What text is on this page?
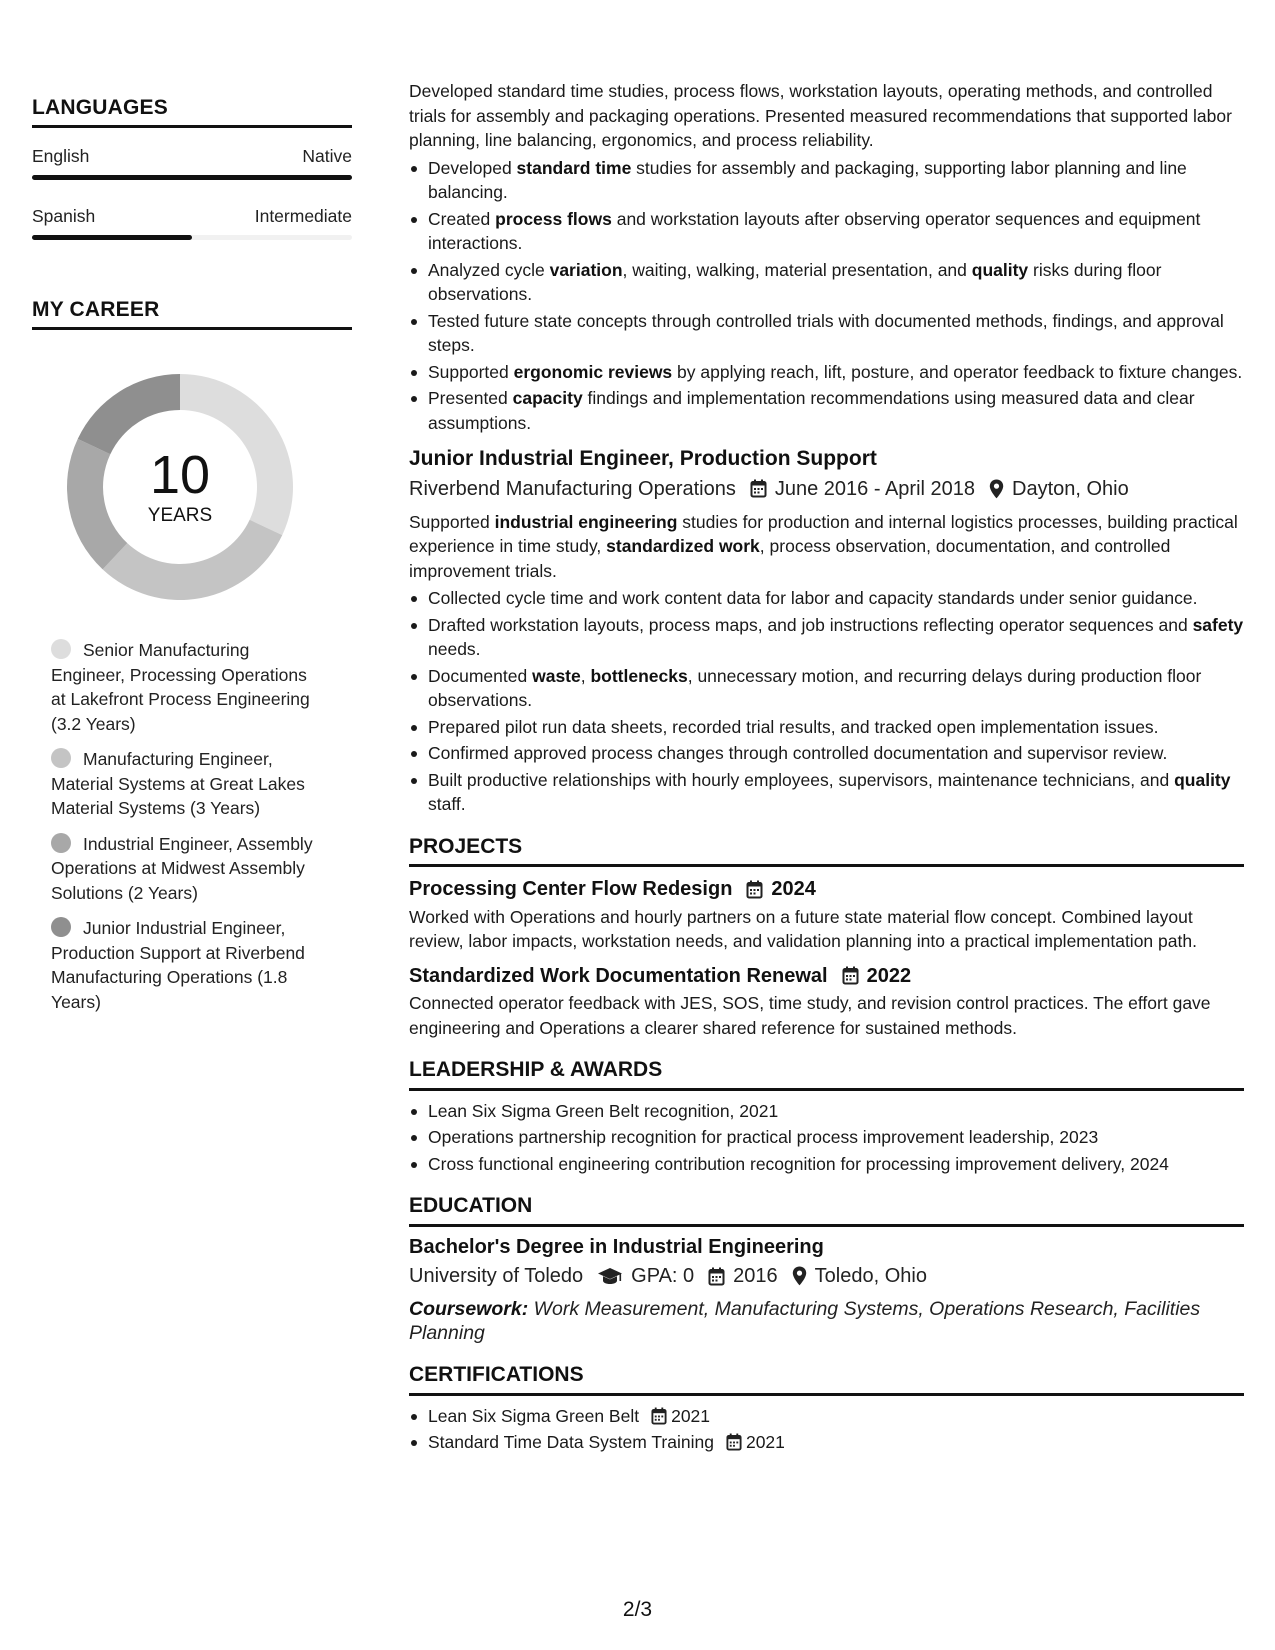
LANGUAGES
English	Native
Spanish	Intermediate
MY CAREER
10
YEARS
Senior Manufacturing Engineer, Processing Operations at Lakefront Process Engineering (3.2 Years)
Manufacturing Engineer, Material Systems at Great Lakes Material Systems (3 Years)
Industrial Engineer, Assembly Operations at Midwest Assembly Solutions (2 Years)
Junior Industrial Engineer, Production Support at Riverbend Manufacturing Operations (1.8 Years)

Developed standard time studies, process flows, workstation layouts, operating methods, and controlled trials for assembly and packaging operations. Presented measured recommendations that supported labor planning, line balancing, ergonomics, and process reliability.

Developed standard time studies for assembly and packaging, supporting labor planning and line balancing.
Created process flows and workstation layouts after observing operator sequences and equipment interactions.
Analyzed cycle variation, waiting, walking, material presentation, and quality risks during floor observations.
Tested future state concepts through controlled trials with documented methods, findings, and approval steps.
Supported ergonomic reviews by applying reach, lift, posture, and operator feedback to fixture changes.
Presented capacity findings and implementation recommendations using measured data and clear assumptions.
Junior Industrial Engineer, Production Support
Riverbend Manufacturing Operations June 2016 - April 2018 Dayton, Ohio

Supported industrial engineering studies for production and internal logistics processes, building practical experience in time study, standardized work, process observation, documentation, and controlled improvement trials.

Collected cycle time and work content data for labor and capacity standards under senior guidance.
Drafted workstation layouts, process maps, and job instructions reflecting operator sequences and safety needs.
Documented waste, bottlenecks, unnecessary motion, and recurring delays during production floor observations.
Prepared pilot run data sheets, recorded trial results, and tracked open implementation issues.
Confirmed approved process changes through controlled documentation and supervisor review.
Built productive relationships with hourly employees, supervisors, maintenance technicians, and quality staff.
PROJECTS
Processing Center Flow Redesign 2024

Worked with Operations and hourly partners on a future state material flow concept. Combined layout review, labor impacts, workstation needs, and validation planning into a practical implementation path.

Standardized Work Documentation Renewal 2022

Connected operator feedback with JES, SOS, time study, and revision control practices. The effort gave engineering and Operations a clearer shared reference for sustained methods.

LEADERSHIP & AWARDS
Lean Six Sigma Green Belt recognition, 2021
Operations partnership recognition for practical process improvement leadership, 2023
Cross functional engineering contribution recognition for processing improvement delivery, 2024
EDUCATION
Bachelor's Degree in Industrial Engineering
University of Toledo GPA: 0 2016 Toledo, Ohio

Coursework: Work Measurement, Manufacturing Systems, Operations Research, Facilities Planning

CERTIFICATIONS
Lean Six Sigma Green Belt 2021
Standard Time Data System Training 2021
2/3
